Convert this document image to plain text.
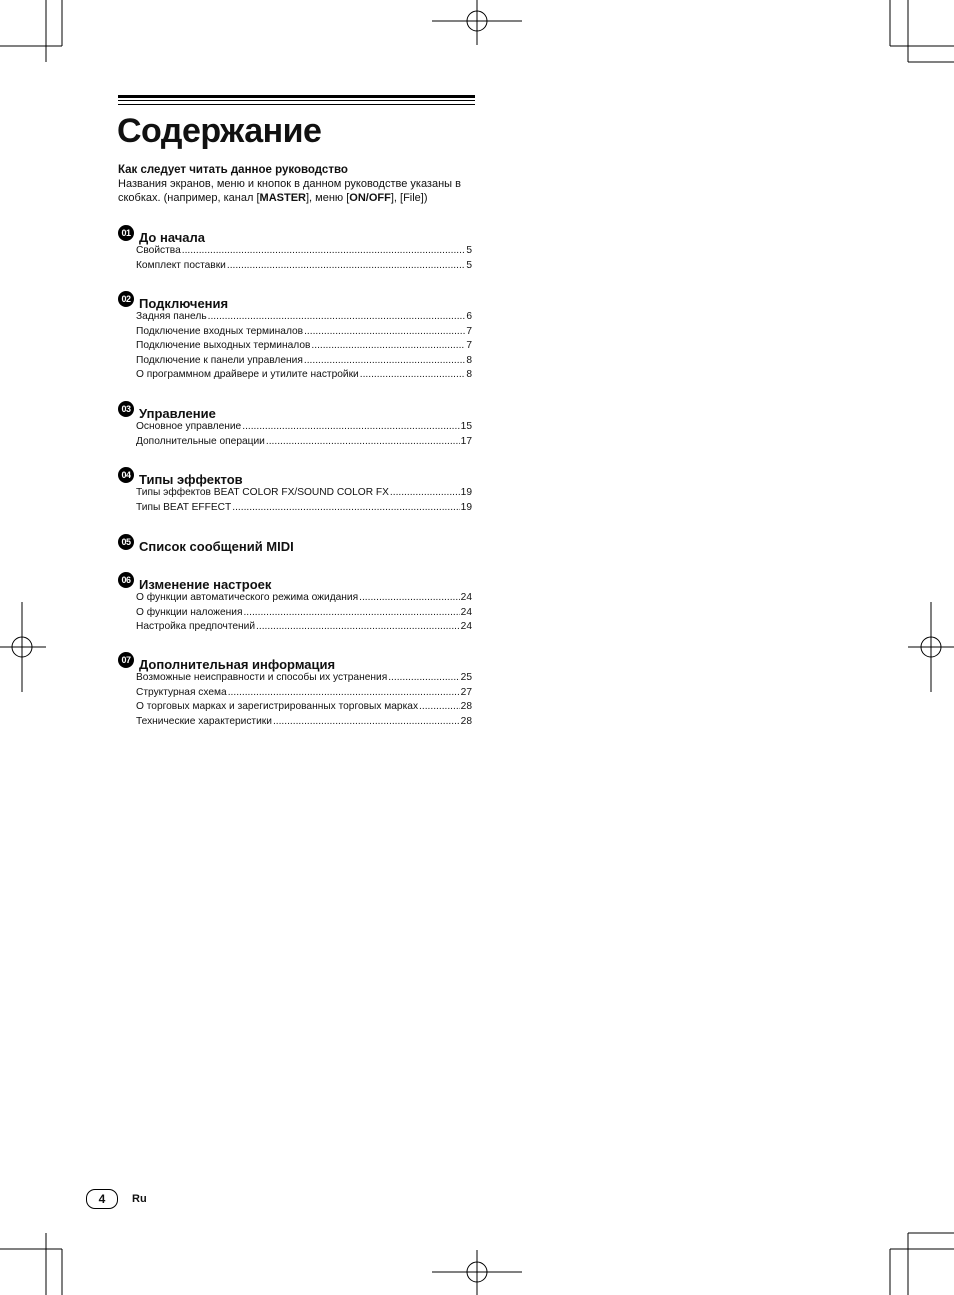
Содержание
Как следует читать данное руководство
Названия экранов, меню и кнопок в данном руководстве указаны в
скобках. (например, канал [MASTER], меню [ON/OFF], [File])
01 До начала
Свойства .....	5
Комплект поставки .....	5
02 Подключения
Задняя панель .....	6
Подключение входных терминалов .....	7
Подключение выходных терминалов .....	7
Подключение к панели управления .....	8
О программном драйвере и утилите настройки .....	8
03 Управление
Основное управление .....	15
Дополнительные операции .....	17
04 Типы эффектов
Типы эффектов BEAT COLOR FX/SOUND COLOR FX .....	19
Типы BEAT EFFECT .....	19
05 Список сообщений MIDI
06 Изменение настроек
О функции автоматического режима ожидания .....	24
О функции наложения .....	24
Настройка предпочтений .....	24
07 Дополнительная информация
Возможные неисправности и способы их устранения .....	25
Структурная схема .....	27
О торговых марках и зарегистрированных торговых марках .....	28
Технические характеристики .....	28
4	Ru
